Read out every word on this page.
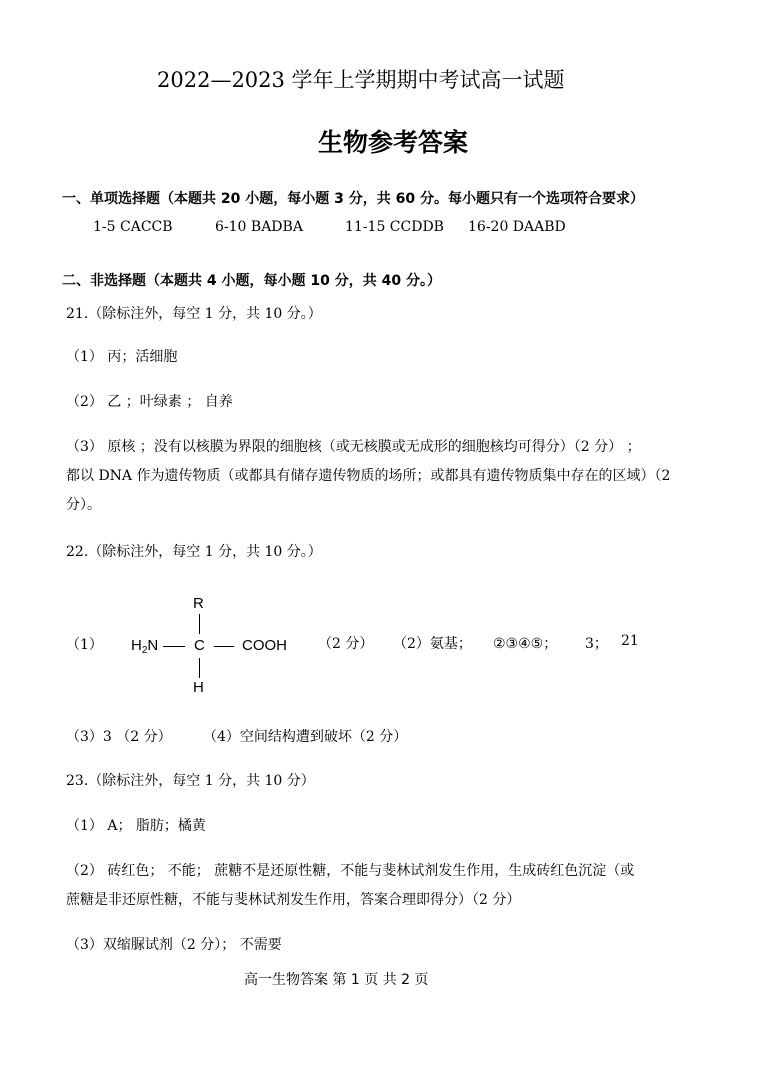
2022—2023 学年上学期期中考试高一试题
生物参考答案
一、单项选择题（本题共 20 小题，每小题 3 分，共 60 分。每小题只有一个选项符合要求）
1-5 CACCB	6-10 BADBA	11-15 CCDDB 16-20 DAABD
二、非选择题（本题共 4 小题，每小题 10 分，共 40 分。）
21.（除标注外，每空 1 分，共 10 分。）
（1） 丙；活细胞
（2） 乙 ；叶绿素 ； 自养
（3） 原核 ；没有以核膜为界限的细胞核（或无核膜或无成形的细胞核均可得分）（2 分） ；
都以 DNA 作为遗传物质（或都具有储存遗传物质的场所；或都具有遗传物质集中存在的区域）（2
分）。
22.（除标注外，每空 1 分，共 10 分。）
（1）
R
$H_2N$ C COOH
H
（2 分） （2）氨基； ②③④⑤； 3； 21
（3）3 （2 分） （4）空间结构遭到破坏（2 分）
23.（除标注外，每空 1 分，共 10 分）
（1） A； 脂肪；橘黄
（2） 砖红色； 不能； 蔗糖不是还原性糖，不能与斐林试剂发生作用，生成砖红色沉淀（或
蔗糖是非还原性糖，不能与斐林试剂发生作用，答案合理即得分）（2 分）
（3）双缩脲试剂（2 分）； 不需要
高一生物答案 第 1 页 共 2 页
